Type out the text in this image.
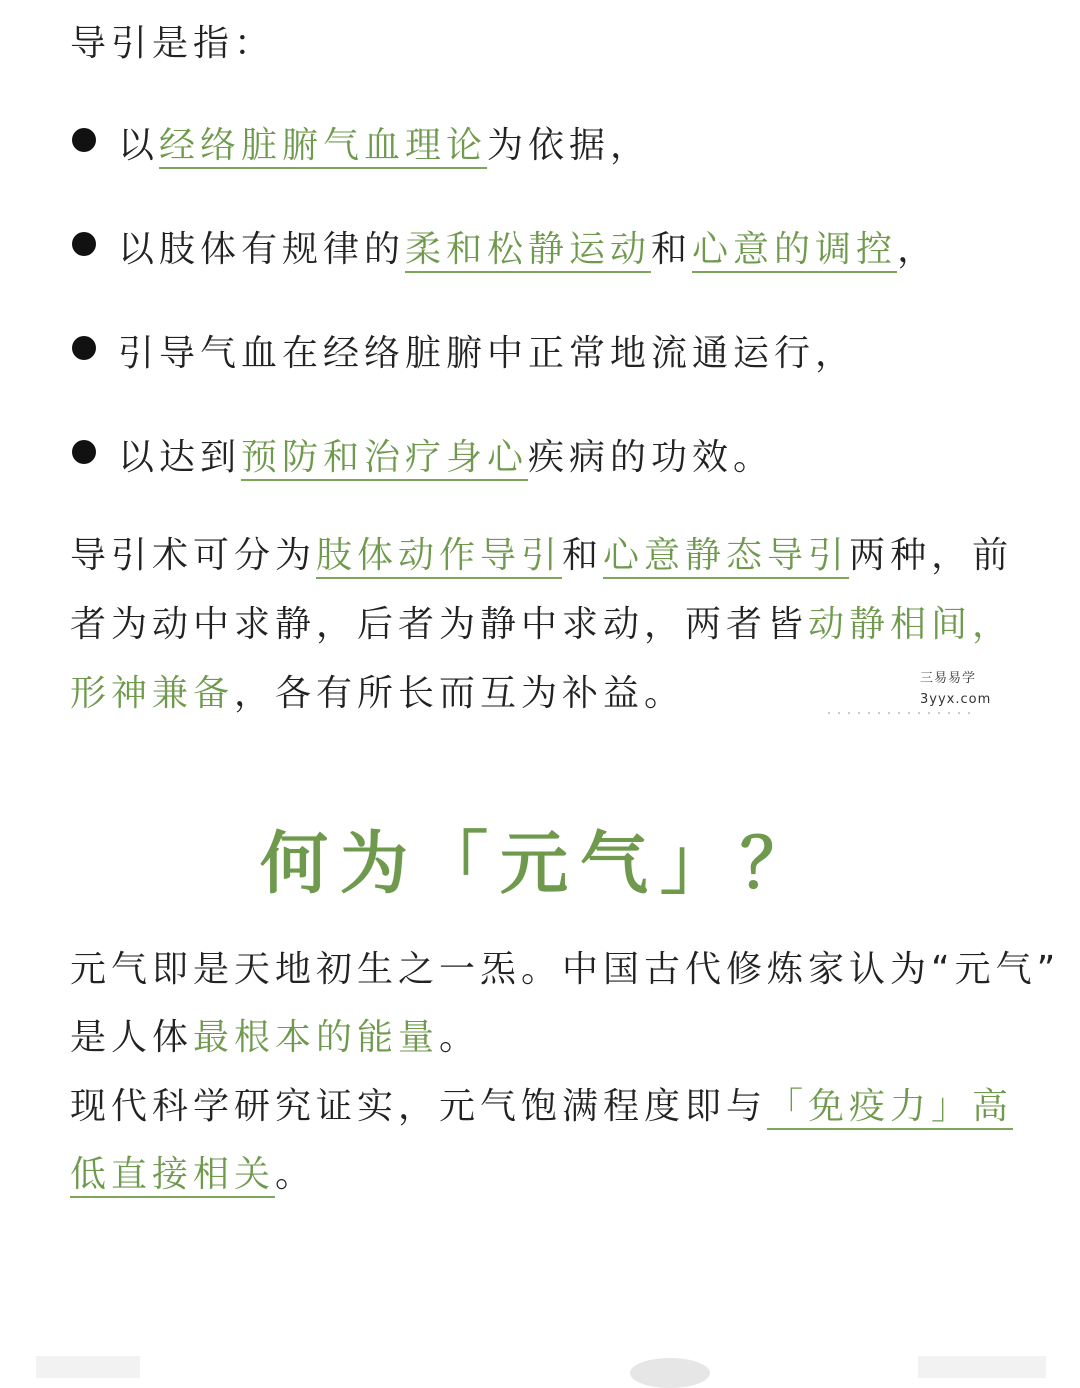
导引是指：
以经络脏腑气血理论为依据，
以肢体有规律的柔和松静运动和心意的调控，
引导气血在经络脏腑中正常地流通运行，
以达到预防和治疗身心疾病的功效。
导引术可分为肢体动作导引和心意静态导引两种，前
者为动中求静，后者为静中求动，两者皆动静相间，
形神兼备，各有所长而互为补益。	三易易学
3yyx.com
何为「元气」？
元气即是天地初生之一炁。中国古代修炼家认为“元气”
是人体最根本的能量。
现代科学研究证实，元气饱满程度即与「免疫力」高
低直接相关。
